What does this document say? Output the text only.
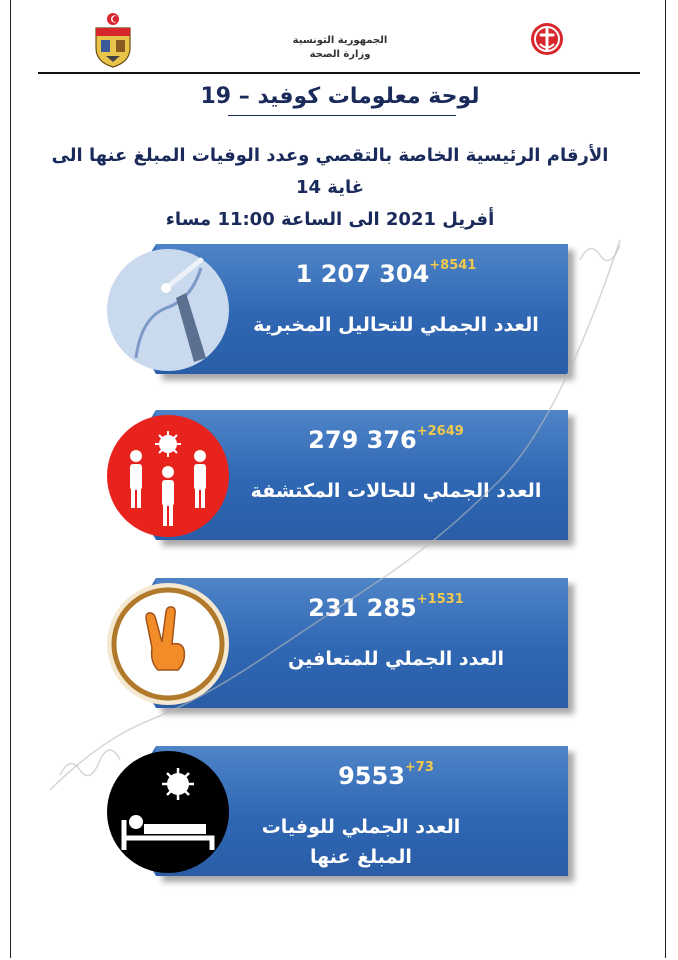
الجمهورية التونسية
وزارة الصحة
لوحة معلومات كوفيد – 19
الأرقام الرئيسية الخاصة بالتقصي وعدد الوفيات المبلغ عنها الى غاية 14
أفريل 2021 الى الساعة 11:00 مساء
1 207 $304^{+8541}$
العدد الجملي للتحاليل المخبرية
279 $376^{+2649}$
العدد الجملي للحالات المكتشفة
231 $285^{+1531}$
العدد الجملي للمتعافين
$9553^{+73}$
العدد الجملي للوفيات المبلغ عنها
